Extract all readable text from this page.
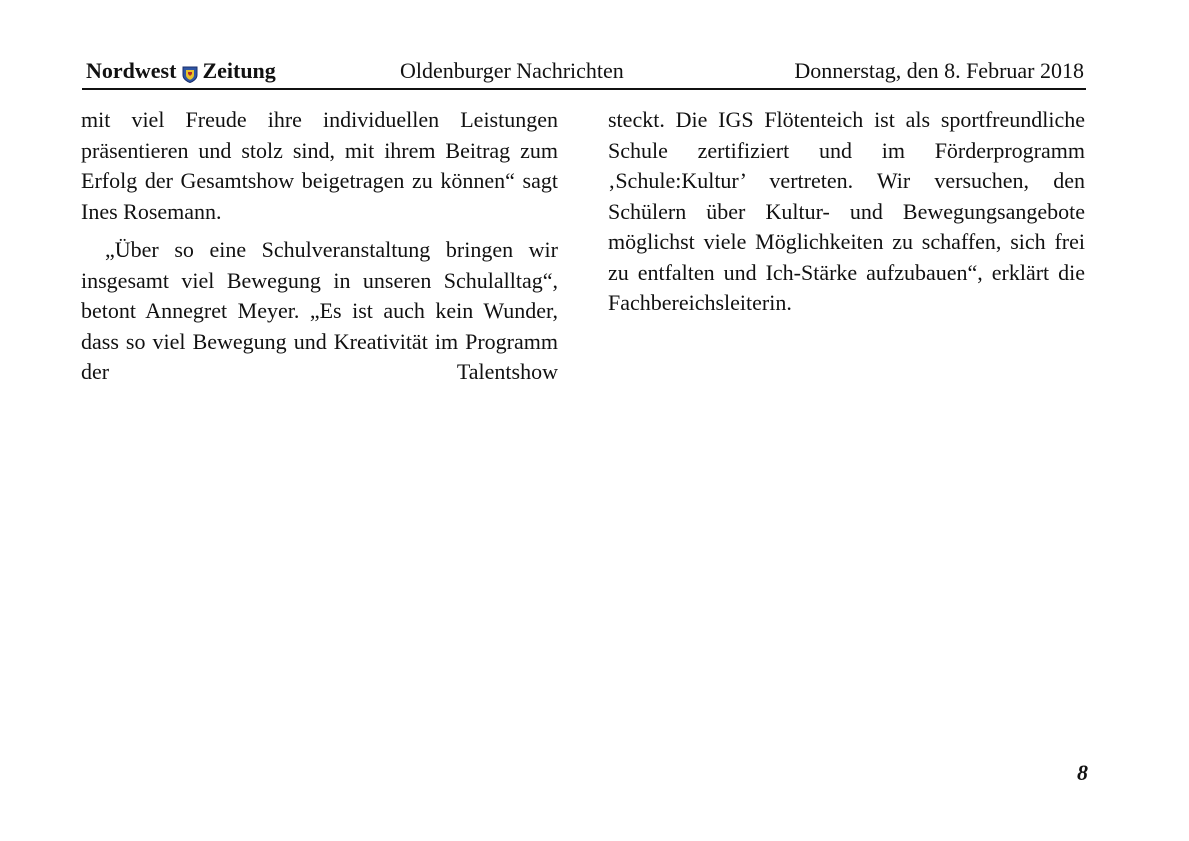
Nordwest Zeitung	Oldenburger Nachrichten	Donnerstag, den 8. Februar 2018

mit viel Freude ihre individuellen Leistungen präsentieren und stolz sind, mit ihrem Beitrag zum Erfolg der Gesamtshow beigetragen zu können“ sagt Ines Rosemann.

„Über so eine Schulveranstaltung bringen wir insgesamt viel Bewegung in unseren Schulalltag“, betont Annegret Meyer. „Es ist auch kein Wunder, dass so viel Bewegung und Kreativität im Programm der Talentshow

steckt. Die IGS Flötenteich ist als sportfreundliche Schule zertifiziert und im Förderprogramm ‚Schule:Kultur’ vertreten. Wir versuchen, den Schülern über Kultur- und Bewegungsangebote möglichst viele Möglichkeiten zu schaffen, sich frei zu entfalten und Ich-Stärke aufzubauen“, erklärt die Fachbereichsleiterin.

8
